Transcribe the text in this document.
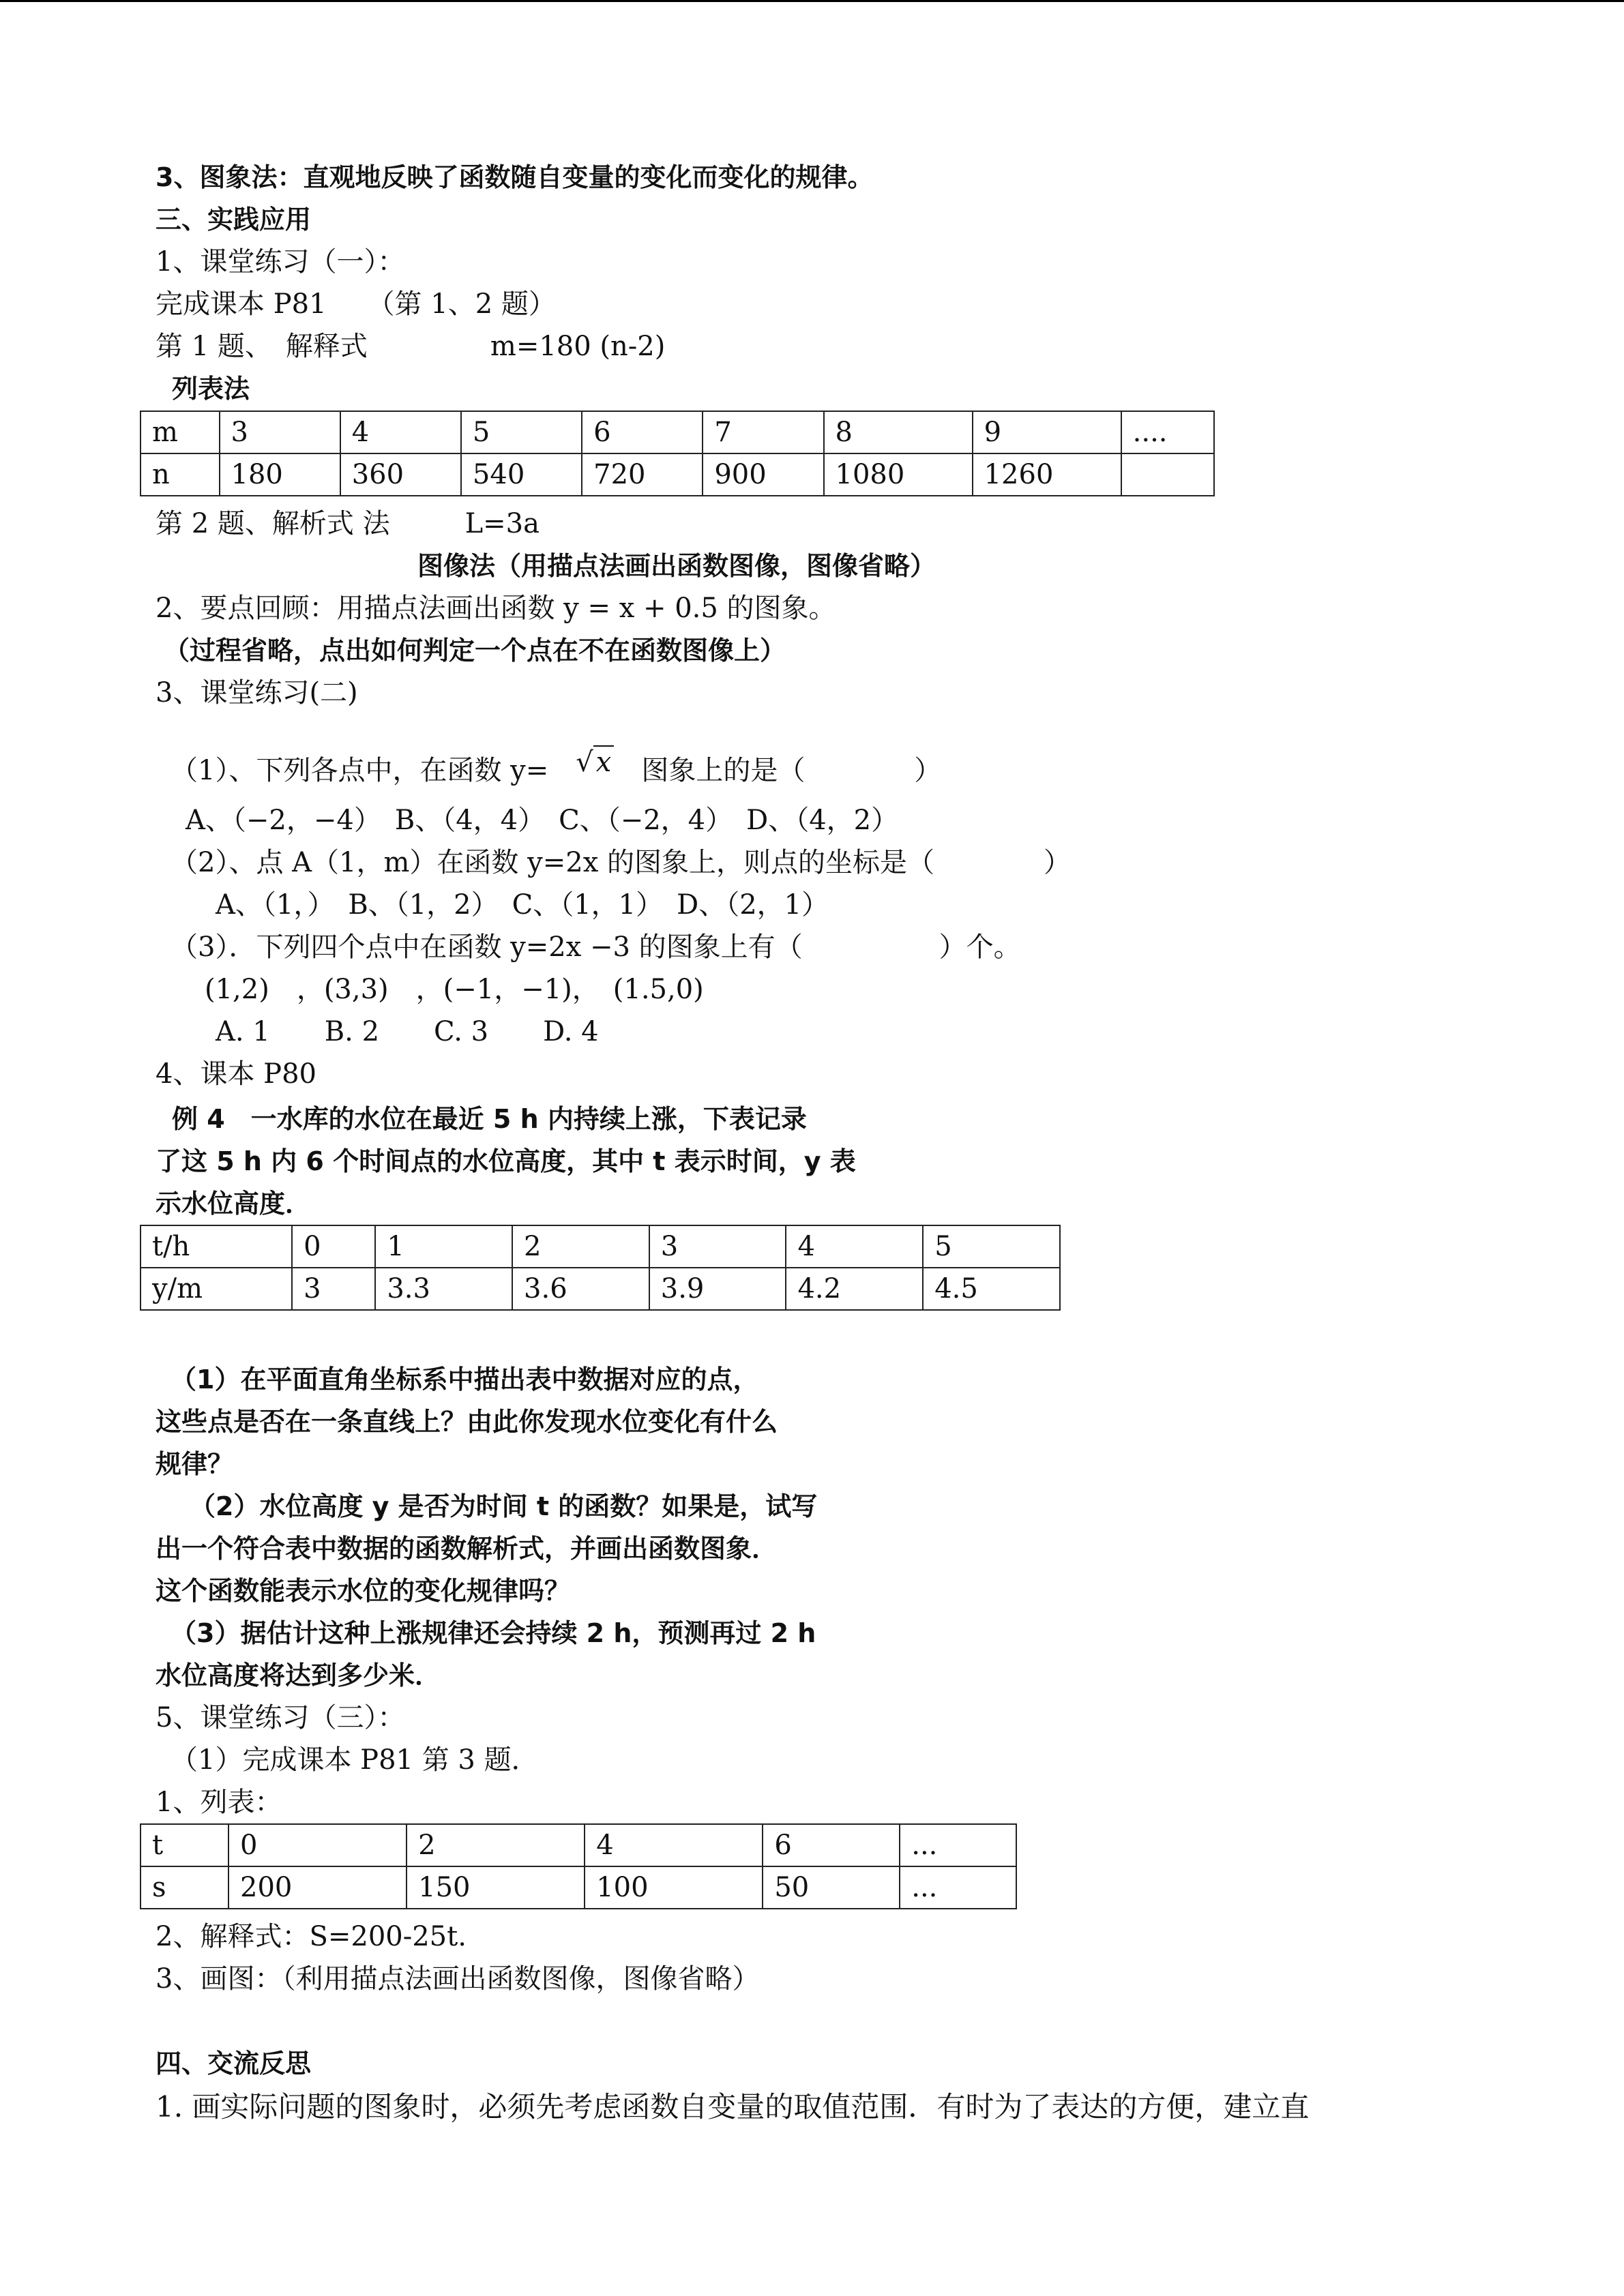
3、图象法：直观地反映了函数随自变量的变化而变化的规律。
三、实践应用
1、课堂练习（一）：
完成课本 P81　　（第 1、2 题）
第 1 题、　解释式	m=180 (n-2)
列表法
m	3	4	5	6	7	8	9	....
n	180	360	540	720	900	1080	1260	
第 2 题、解析式 法	L=3a
图像法（用描点法画出函数图像，图像省略）
2、要点回顾：用描点法画出函数 y = x + 0.5 的图象。
（过程省略，点出如何判定一个点在不在函数图像上）
3、课堂练习(二)
（1）、下列各点中，在函数 y= √ x 图象上的是（　　　　）
A、（−2，−4）　B、（4，4）　C、（−2，4）　D、（4，2）
（2）、点 A（1，m）在函数 y=2x 的图象上，则点的坐标是（　　　　）
A、（1，）　B、（1，2）　C、（1，1）　D、（2，1）
（3）．下列四个点中在函数 y=2x −3 的图象上有（　　　　　）个。
(1,2)　，(3,3)　，(−1，−1)，　(1.5,0)
A. 1　　B. 2　　C. 3　　D. 4
4、课本 P80
例 4　一水库的水位在最近 5 h 内持续上涨，下表记录
了这 5 h 内 6 个时间点的水位高度，其中 t 表示时间，y 表
示水位高度．
t/h	0	1	2	3	4	5
y/m	3	3.3	3.6	3.9	4.2	4.5
（1）在平面直角坐标系中描出表中数据对应的点，
这些点是否在一条直线上？由此你发现水位变化有什么
规律？
（2）水位高度 y 是否为时间 t 的函数？如果是，试写
出一个符合表中数据的函数解析式，并画出函数图象．
这个函数能表示水位的变化规律吗？
（3）据估计这种上涨规律还会持续 2 h，预测再过 2 h
水位高度将达到多少米．
5、课堂练习（三）：
（1）完成课本 P81 第 3 题．
1、列表：
t	0	2	4	6	...
s	200	150	100	50	...
2、解释式：S=200-25t.
3、画图：（利用描点法画出函数图像，图像省略）
四、交流反思
1. 画实际问题的图象时，必须先考虑函数自变量的取值范围．有时为了表达的方便，建立直
